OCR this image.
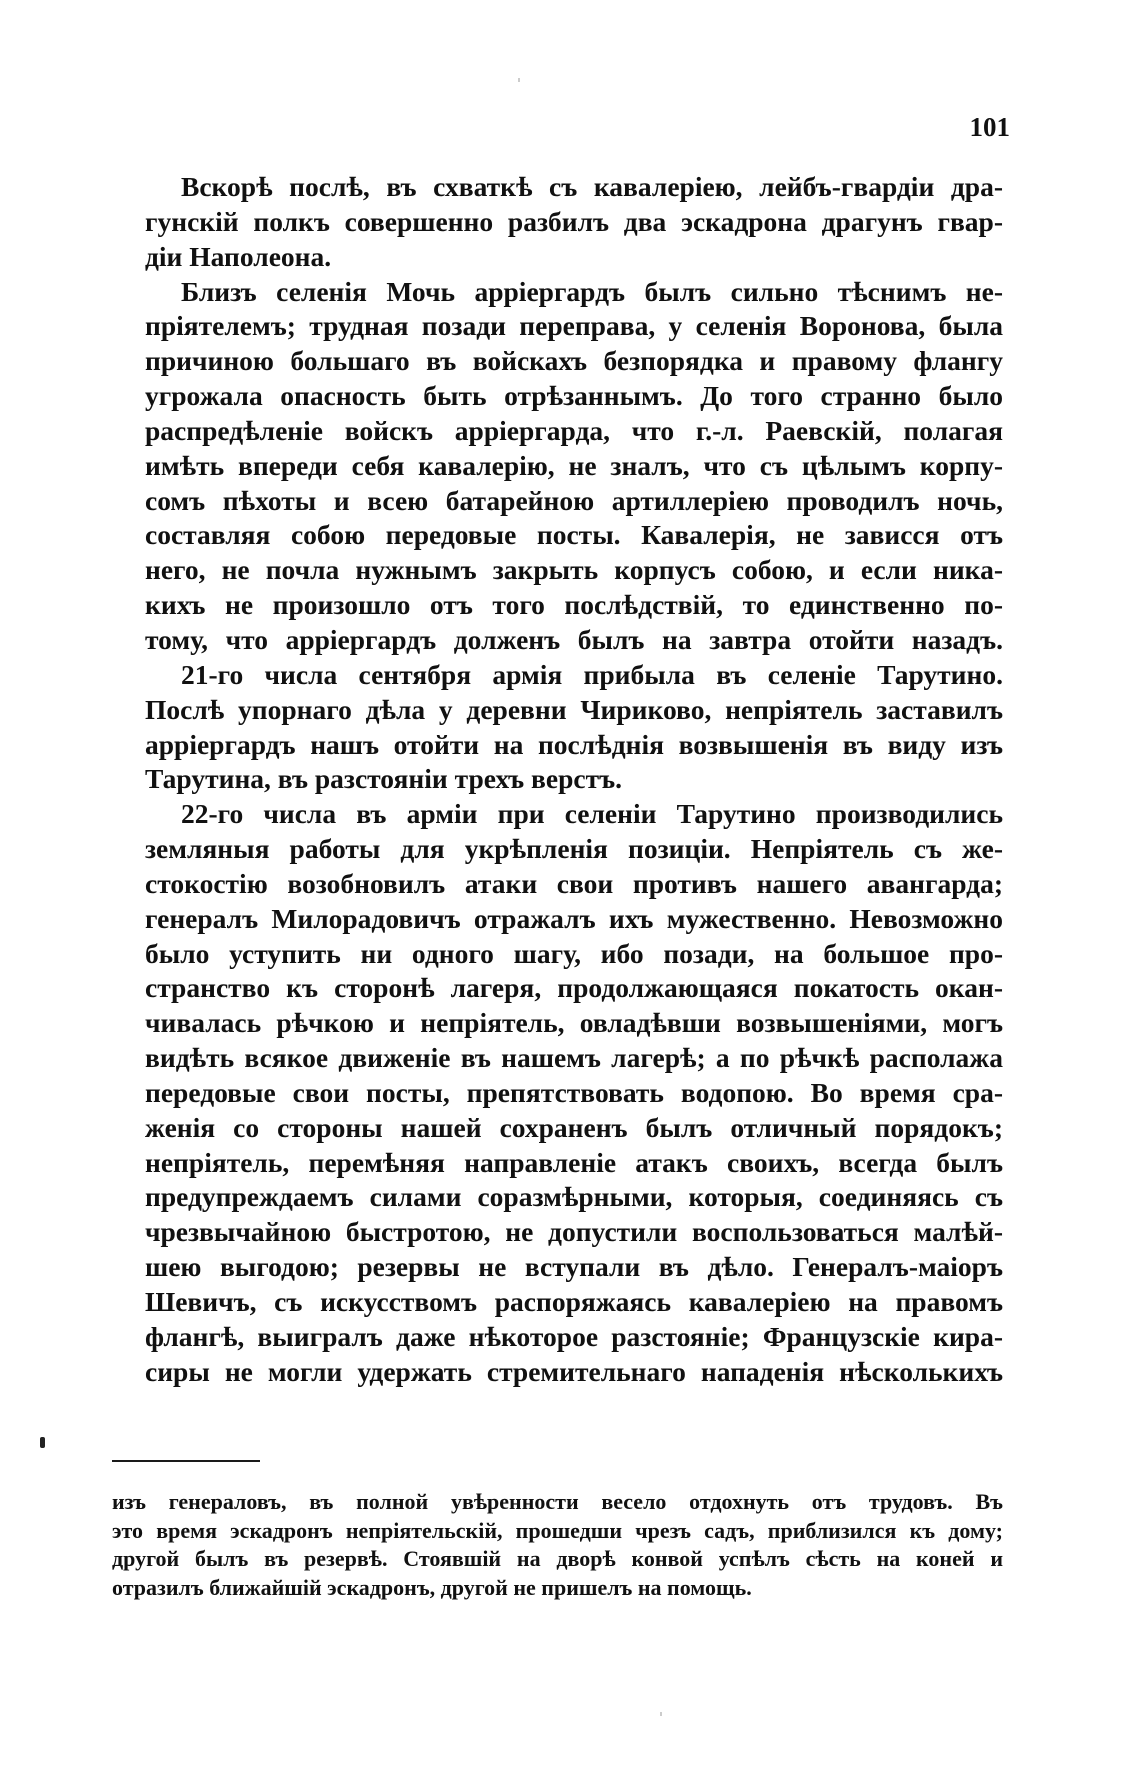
101
Вскорѣ послѣ, въ схваткѣ съ кавалеріею, лейбъ-гвардіи дра-
гунскій полкъ совершенно разбилъ два эскадрона драгунъ гвар-
діи Наполеона.
Близъ селенія Мочь арріергардъ былъ сильно тѣснимъ не-
пріятелемъ; трудная позади переправа, у селенія Воронова, была
причиною большаго въ войскахъ безпорядка и правому флангу
угрожала опасность быть отрѣзаннымъ. До того странно было
распредѣленіе войскъ арріергарда, что г.-л. Раевскій, полагая
имѣть впереди себя кавалерію, не зналъ, что съ цѣлымъ корпу-
сомъ пѣхоты и всею батарейною артиллеріею проводилъ ночь,
составляя собою передовые посты. Кавалерія, не зависся отъ
него, не почла нужнымъ закрыть корпусъ собою, и если ника-
кихъ не произошло отъ того послѣдствій, то единственно по-
тому, что арріергардъ долженъ былъ на завтра отойти назадъ.
21-го числа сентября армія прибыла въ селеніе Тарутино.
Послѣ упорнаго дѣла у деревни Чириково, непріятель заставилъ
арріергардъ нашъ отойти на послѣднія возвышенія въ виду изъ
Тарутина, въ разстояніи трехъ верстъ.
22-го числа въ арміи при селеніи Тарутино производились
земляныя работы для укрѣпленія позиціи. Непріятель съ же-
стокостію возобновилъ атаки свои противъ нашего авангарда;
генералъ Милорадовичъ отражалъ ихъ мужественно. Невозможно
было уступить ни одного шагу, ибо позади, на большое про-
странство къ сторонѣ лагеря, продолжающаяся покатость окан-
чивалась рѣчкою и непріятель, овладѣвши возвышеніями, могъ
видѣть всякое движеніе въ нашемъ лагерѣ; а по рѣчкѣ располажа
передовые свои посты, препятствовать водопою. Во время сра-
женія со стороны нашей сохраненъ былъ отличный порядокъ;
непріятель, перемѣняя направленіе атакъ своихъ, всегда былъ
предупреждаемъ силами соразмѣрными, которыя, соединяясь съ
чрезвычайною быстротою, не допустили воспользоваться малѣй-
шею выгодою; резервы не вступали въ дѣло. Генералъ-маіоръ
Шевичъ, съ искусствомъ распоряжаясь кавалеріею на правомъ
флангѣ, выигралъ даже нѣкоторое разстояніе; Французскіе кира-
сиры не могли удержать стремительнаго нападенія нѣсколькихъ
изъ генераловъ, въ полной увѣренности весело отдохнуть отъ трудовъ. Въ
это время эскадронъ непріятельскій, прошедши чрезъ садъ, приблизился къ дому;
другой былъ въ резервѣ. Стоявшій на дворѣ конвой успѣлъ сѣсть на коней и
отразилъ ближайшій эскадронъ, другой не пришелъ на помощь.
